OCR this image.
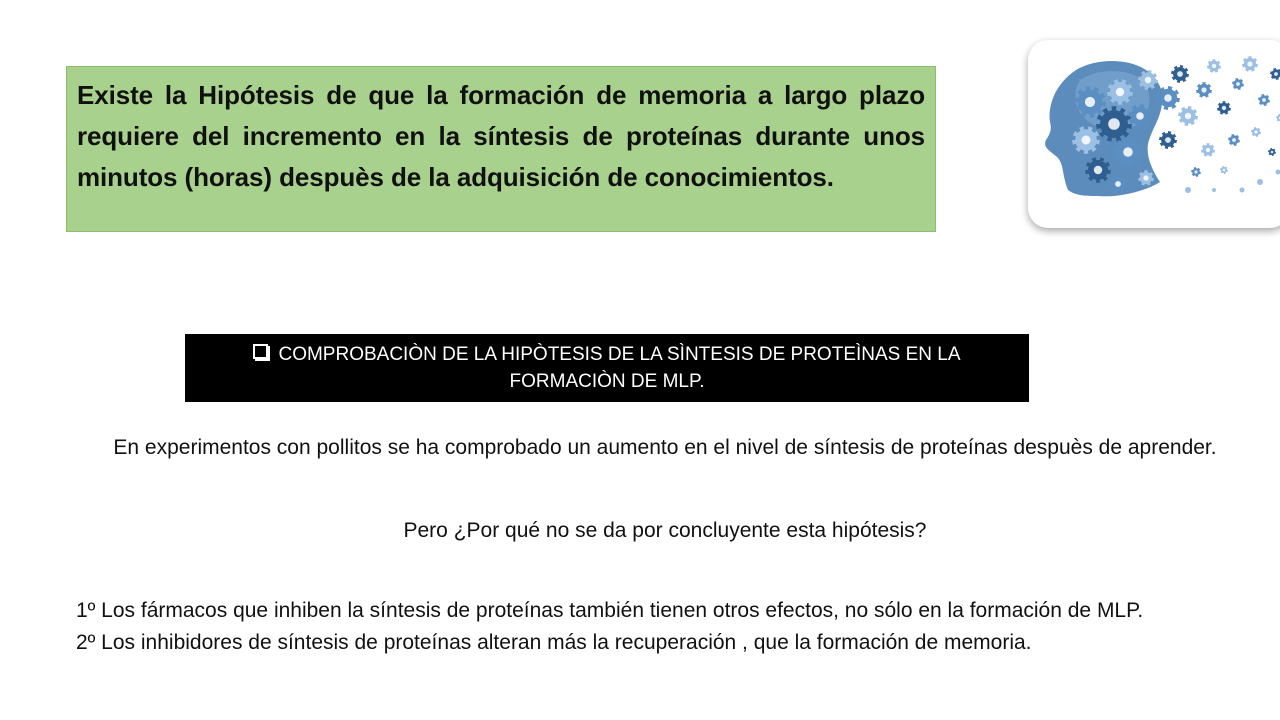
Existe la Hipótesis de que la formación de memoria a largo plazo requiere del incremento en la síntesis de proteínas durante unos minutos (horas) despuès de la adquisición de conocimientos.

COMPROBACIÒN DE LA HIPÒTESIS DE LA SÌNTESIS DE PROTEÌNAS EN LA FORMACIÒN DE MLP.

En experimentos con pollitos se ha comprobado un aumento en el nivel de síntesis de proteínas despuès de aprender.

Pero ¿Por qué no se da por concluyente esta hipótesis?

1º Los fármacos que inhiben la síntesis de proteínas también tienen otros efectos, no sólo en la formación de MLP.
2º Los inhibidores de síntesis de proteínas alteran más la recuperación , que la formación de memoria.
